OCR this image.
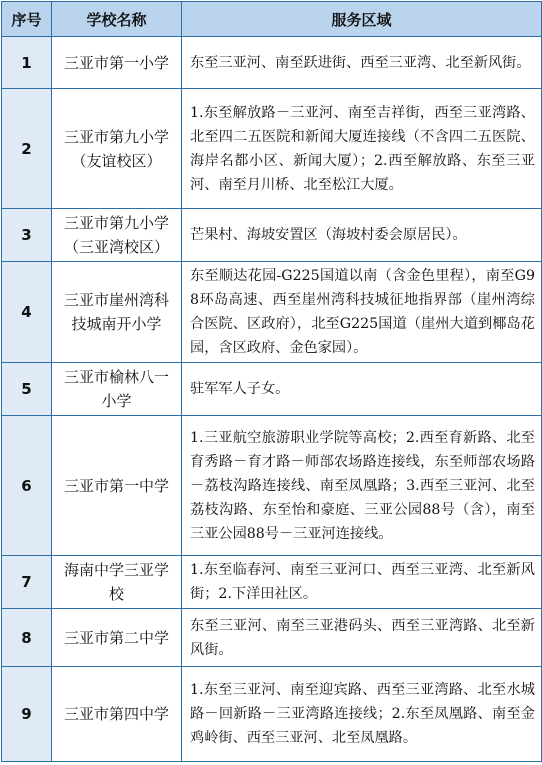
序号	学校名称	服务区域
1	三亚市第一小学	东至三亚河、南至跃进街、西至三亚湾、北至新风街。
2	三亚市第九小学（友谊校区）	1.东至解放路－三亚河、南至吉祥街，西至三亚湾路、北至四二五医院和新闻大厦连接线（不含四二五医院、海岸名都小区、新闻大厦）；2.西至解放路、东至三亚河、南至月川桥、北至松江大厦。
3	三亚市第九小学（三亚湾校区）	芒果村、海坡安置区（海坡村委会原居民）。
4	三亚市崖州湾科技城南开小学	东至顺达花园-G225国道以南（含金色里程），南至G98环岛高速、西至崖州湾科技城征地指界部（崖州湾综合医院、区政府），北至G225国道（崖州大道到椰岛花园，含区政府、金色家园）。
5	三亚市榆林八一小学	驻军军人子女。
6	三亚市第一中学	1.三亚航空旅游职业学院等高校；2.西至育新路、北至育秀路－育才路－师部农场路连接线，东至师部农场路－荔枝沟路连接线、南至凤凰路；3.西至三亚河、北至荔枝沟路、东至怡和豪庭、三亚公园88号（含），南至三亚公园88号－三亚河连接线。
7	海南中学三亚学校	1.东至临春河、南至三亚河口、西至三亚湾、北至新风街；2.下洋田社区。
8	三亚市第二中学	东至三亚河、南至三亚港码头、西至三亚湾路、北至新风街。
9	三亚市第四中学	1.东至三亚河、南至迎宾路、西至三亚湾路、北至水城路－回新路－三亚湾路连接线；2.东至凤凰路、南至金鸡岭街、西至三亚河、北至凤凰路。
